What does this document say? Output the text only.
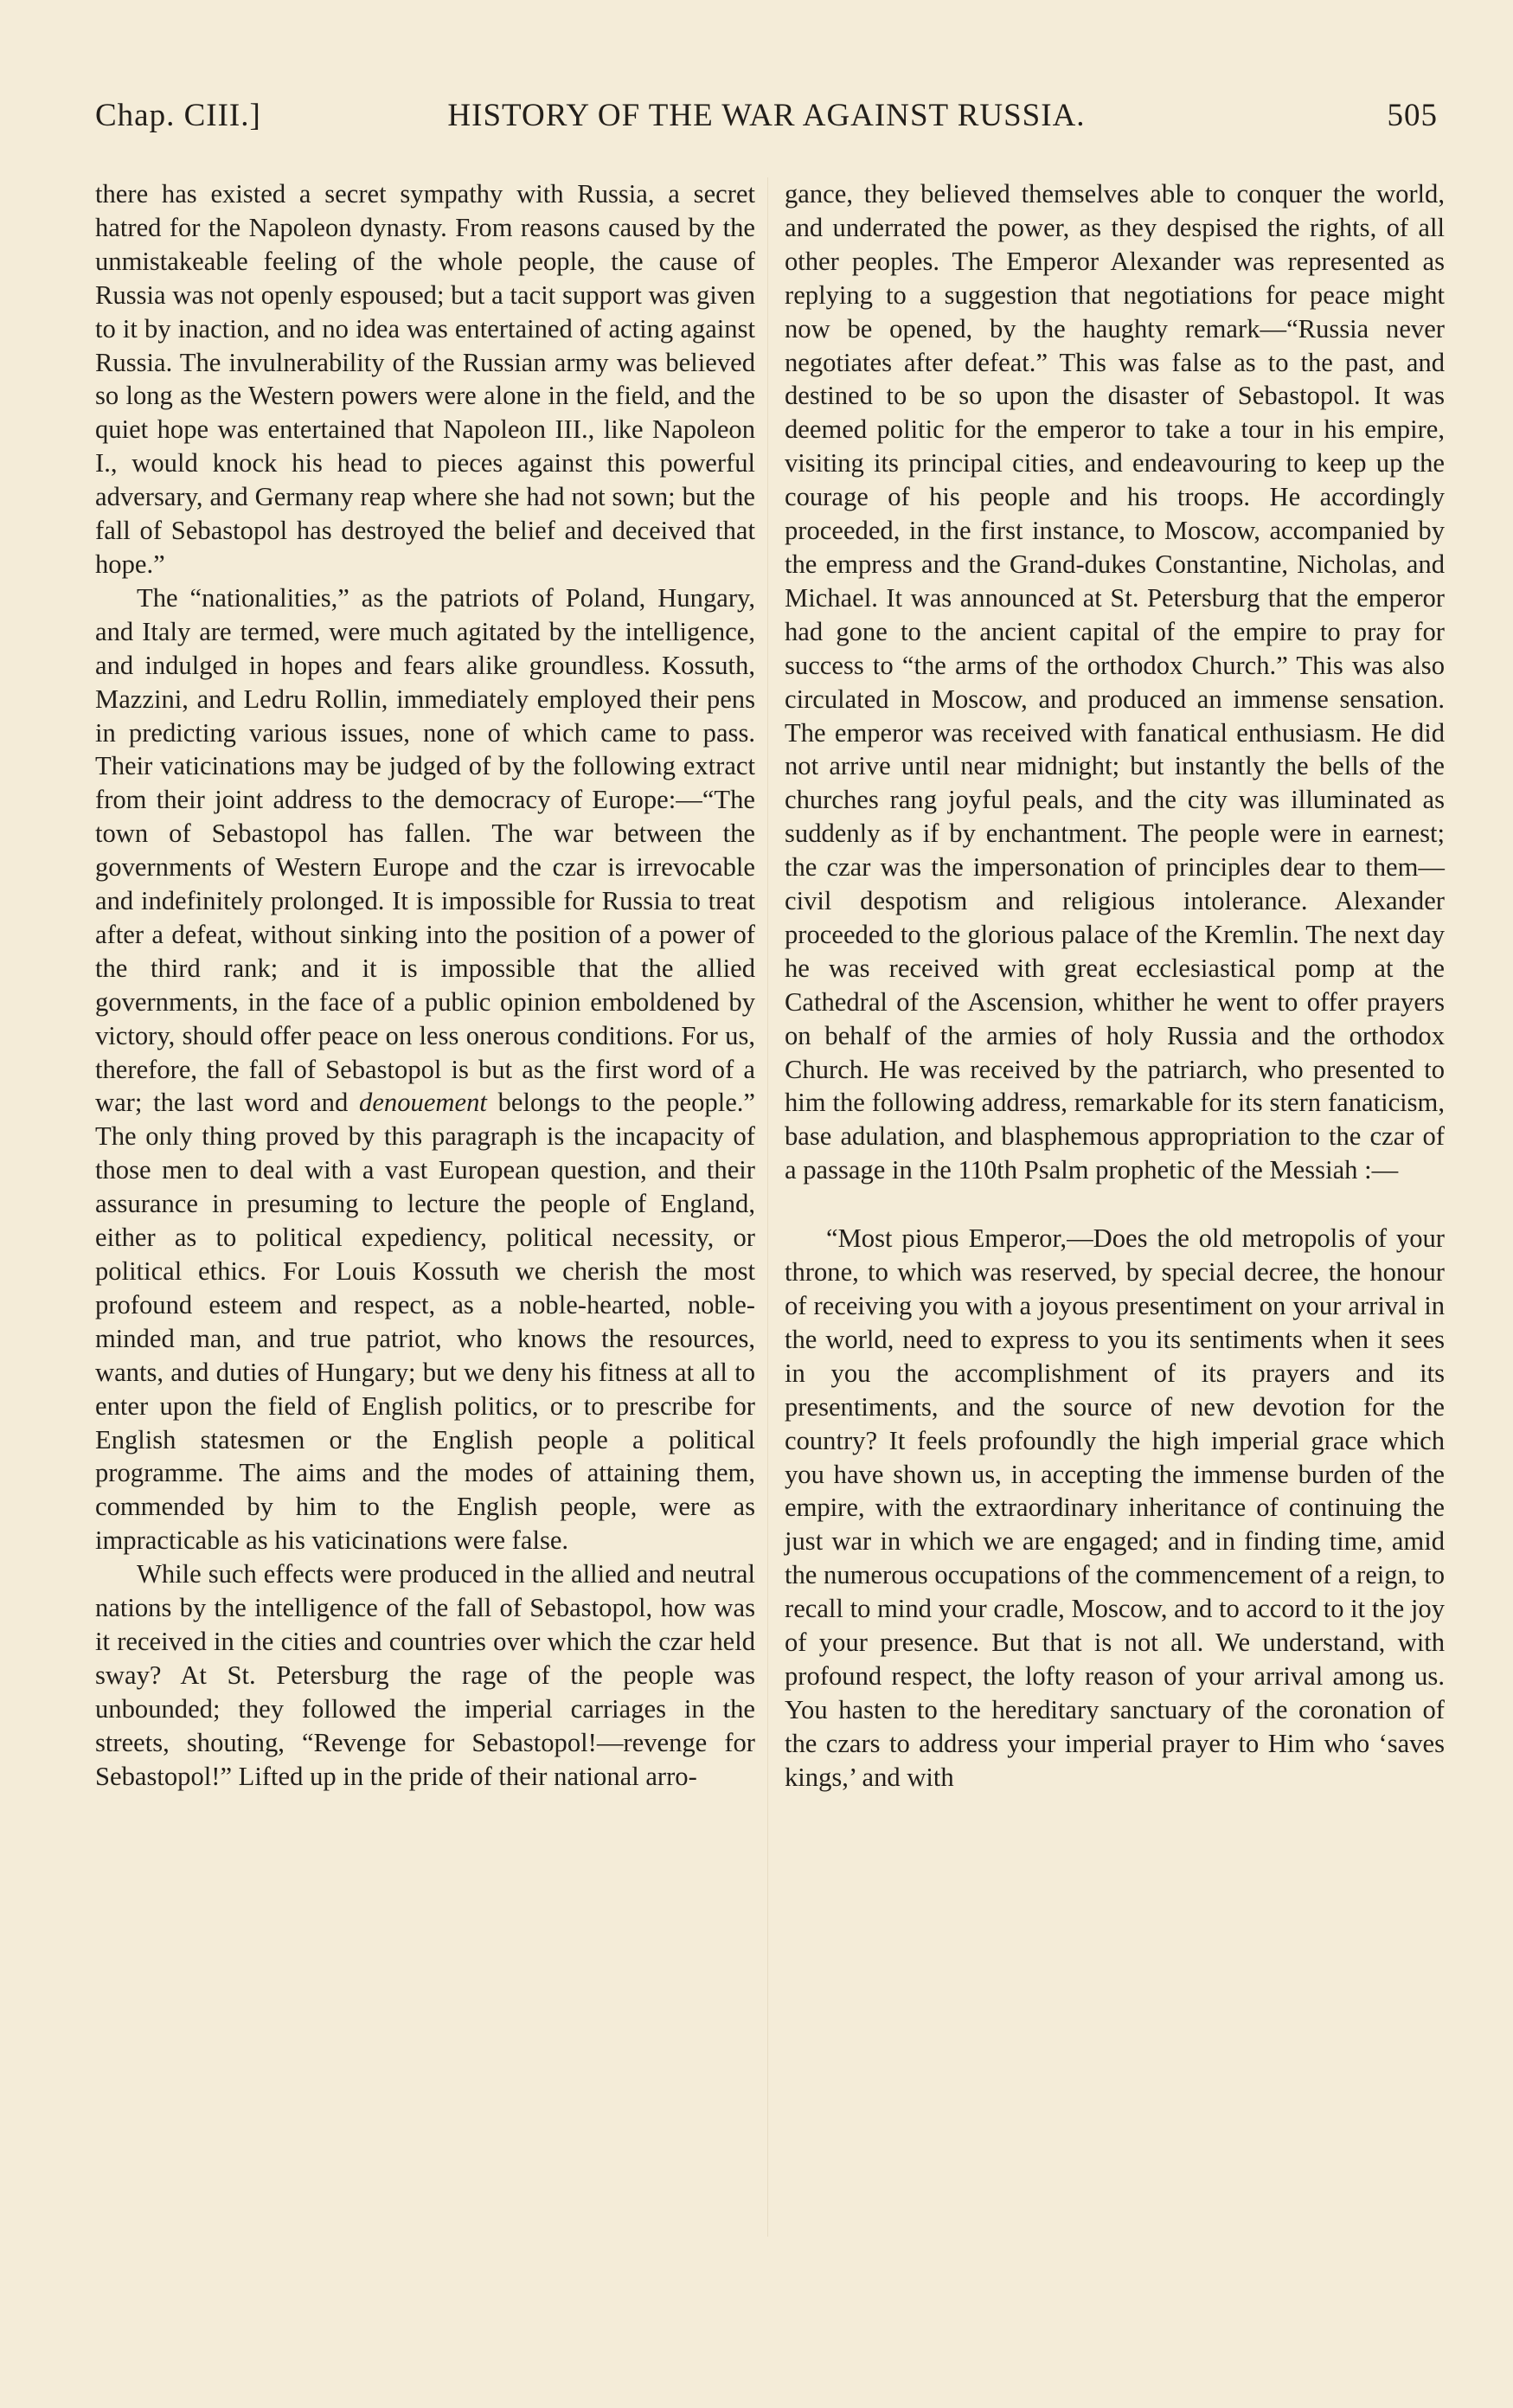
Chap. CIII.]	HISTORY OF THE WAR AGAINST RUSSIA.	505

there has existed a secret sympathy with Russia, a secret hatred for the Napoleon dynasty. From reasons caused by the unmistakeable feeling of the whole people, the cause of Russia was not openly espoused; but a tacit support was given to it by inaction, and no idea was entertained of acting against Russia. The invulnerability of the Russian army was believed so long as the Western powers were alone in the field, and the quiet hope was entertained that Napoleon III., like Napoleon I., would knock his head to pieces against this powerful adversary, and Germany reap where she had not sown; but the fall of Sebastopol has destroyed the belief and deceived that hope.”

The “nationalities,” as the patriots of Poland, Hungary, and Italy are termed, were much agitated by the intelligence, and indulged in hopes and fears alike groundless. Kossuth, Mazzini, and Ledru Rollin, immediately employed their pens in predicting various issues, none of which came to pass. Their vaticinations may be judged of by the following extract from their joint address to the democracy of Europe:—“The town of Sebastopol has fallen. The war between the governments of Western Europe and the czar is irrevocable and indefinitely prolonged. It is impossible for Russia to treat after a defeat, without sinking into the position of a power of the third rank; and it is impossible that the allied governments, in the face of a public opinion emboldened by victory, should offer peace on less onerous conditions. For us, therefore, the fall of Sebastopol is but as the first word of a war; the last word and denouement belongs to the people.” The only thing proved by this paragraph is the incapacity of those men to deal with a vast European question, and their assurance in presuming to lecture the people of England, either as to political expediency, political necessity, or political ethics. For Louis Kossuth we cherish the most profound esteem and respect, as a noble-hearted, noble-minded man, and true patriot, who knows the resources, wants, and duties of Hungary; but we deny his fitness at all to enter upon the field of English politics, or to prescribe for English statesmen or the English people a political programme. The aims and the modes of attaining them, commended by him to the English people, were as impracticable as his vaticinations were false.

While such effects were produced in the allied and neutral nations by the intelligence of the fall of Sebastopol, how was it received in the cities and countries over which the czar held sway? At St. Petersburg the rage of the people was unbounded; they followed the imperial carriages in the streets, shouting, “Revenge for Sebastopol!—revenge for Sebastopol!” Lifted up in the pride of their national arro-

gance, they believed themselves able to conquer the world, and underrated the power, as they despised the rights, of all other peoples. The Emperor Alexander was represented as replying to a suggestion that negotiations for peace might now be opened, by the haughty remark—“Russia never negotiates after defeat.” This was false as to the past, and destined to be so upon the disaster of Sebastopol. It was deemed politic for the emperor to take a tour in his empire, visiting its principal cities, and endeavouring to keep up the courage of his people and his troops. He accordingly proceeded, in the first instance, to Moscow, accompanied by the empress and the Grand-dukes Constantine, Nicholas, and Michael. It was announced at St. Petersburg that the emperor had gone to the ancient capital of the empire to pray for success to “the arms of the orthodox Church.” This was also circulated in Moscow, and produced an immense sensation. The emperor was received with fanatical enthusiasm. He did not arrive until near midnight; but instantly the bells of the churches rang joyful peals, and the city was illuminated as suddenly as if by enchantment. The people were in earnest; the czar was the impersonation of principles dear to them—civil despotism and religious intolerance. Alexander proceeded to the glorious palace of the Kremlin. The next day he was received with great ecclesiastical pomp at the Cathedral of the Ascension, whither he went to offer prayers on behalf of the armies of holy Russia and the orthodox Church. He was received by the patriarch, who presented to him the following address, remarkable for its stern fanaticism, base adulation, and blasphemous appropriation to the czar of a passage in the 110th Psalm prophetic of the Messiah :—

“Most pious Emperor,—Does the old metropolis of your throne, to which was reserved, by special decree, the honour of receiving you with a joyous presentiment on your arrival in the world, need to express to you its sentiments when it sees in you the accomplishment of its prayers and its presentiments, and the source of new devotion for the country? It feels profoundly the high imperial grace which you have shown us, in accepting the immense burden of the empire, with the extraordinary inheritance of continuing the just war in which we are engaged; and in finding time, amid the numerous occupations of the commencement of a reign, to recall to mind your cradle, Moscow, and to accord to it the joy of your presence. But that is not all. We understand, with profound respect, the lofty reason of your arrival among us. You hasten to the hereditary sanctuary of the coronation of the czars to address your imperial prayer to Him who ‘saves kings,’ and with
